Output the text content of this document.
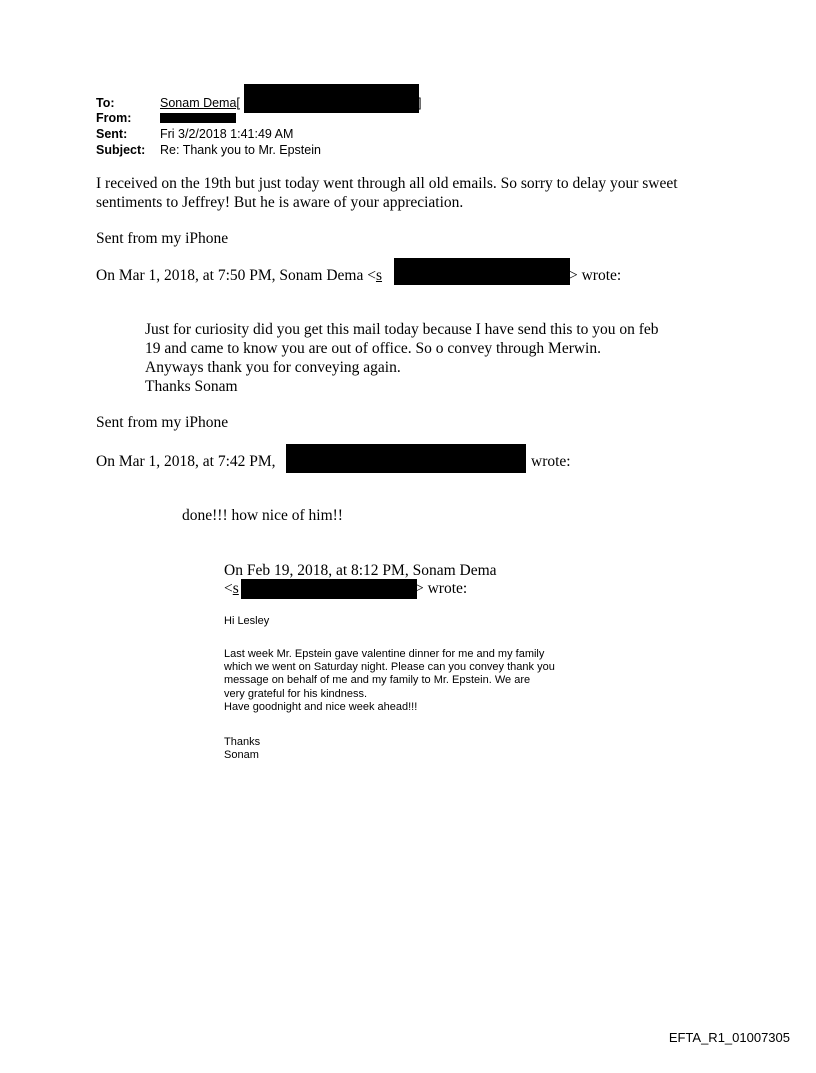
To:	Sonam Dema[	]
From:
Sent:	Fri 3/2/2018 1:41:49 AM
Subject: Re: Thank you to Mr. Epstein
I received on the 19th but just today went through all old emails. So sorry to delay your sweet
sentiments to Jeffrey! But he is aware of your appreciation.
Sent from my iPhone
On Mar 1, 2018, at 7:50 PM, Sonam Dema <s	> wrote:
Just for curiosity did you get this mail today because I have send this to you on feb
19 and came to know you are out of office. So o convey through Merwin.
Anyways thank you for conveying again.
Thanks Sonam
Sent from my iPhone
On Mar 1, 2018, at 7:42 PM,	wrote:
done!!! how nice of him!!
On Feb 19, 2018, at 8:12 PM, Sonam Dema
<s	> wrote:
Hi Lesley
Last week Mr. Epstein gave valentine dinner for me and my family
which we went on Saturday night. Please can you convey thank you
message on behalf of me and my family to Mr. Epstein. We are
very grateful for his kindness.
Have goodnight and nice week ahead!!!
Thanks
Sonam
EFTA_R1_01007305
